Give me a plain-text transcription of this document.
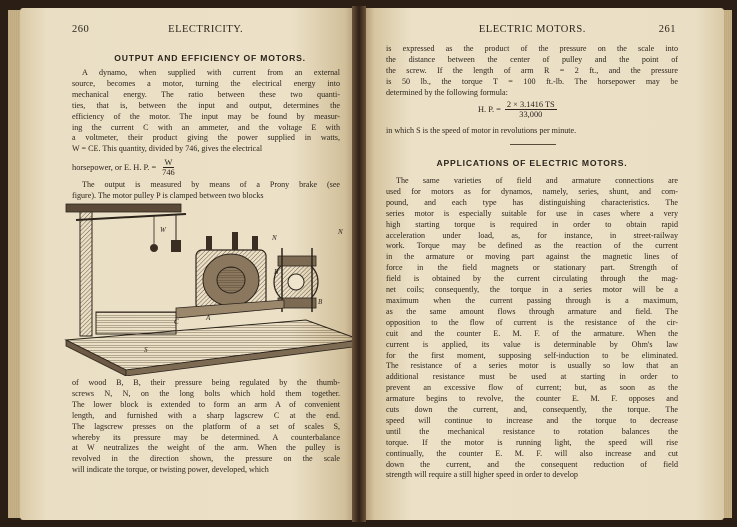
260	ELECTRICITY.
OUTPUT AND EFFICIENCY OF MOTORS.
A dynamo, when supplied with current from an external
source, becomes a motor, turning the electrical energy into
mechanical energy. The ratio between these two quanti-
ties, that is, between the input and output, determines the
efficiency of the motor. The input may be found by measur-
ing the current C with an ammeter, and the voltage E with
a voltmeter, their product giving the power supplied in watts,
W = CE. This quantity, divided by 746, gives the electrical
horsepower, or E. H. P. = $\frac{W}{746}$
The output is measured by means of a Prony brake (see
figure). The motor pulley P is clamped between two blocks
B
N
N
A
B
C
S
W
of wood B, B, their pressure being regulated by the thumb-
screws N, N, on the long bolts which hold them together.
The lower block is extended to form an arm A of convenient
length, and furnished with a sharp lagscrew C at the end.
The lagscrew presses on the platform of a set of scales S,
whereby its pressure may be determined. A counterbalance
at W neutralizes the weight of the arm. When the pulley is
revolved in the direction shown, the pressure on the scale
will indicate the torque, or twisting power, developed, which
ELECTRIC MOTORS.	261
is expressed as the product of the pressure on the scale into
the distance between the center of pulley and the point of
the screw. If the length of arm R = 2 ft., and the pressure
is 50 lb., the torque T = 100 ft.-lb. The horsepower may be
determined by the following formula:
H. P. = $\frac{2 \times 3.1416 TS}{33,000}$
in which S is the speed of motor in revolutions per minute.
APPLICATIONS OF ELECTRIC MOTORS.
The same varieties of field and armature connections are
used for motors as for dynamos, namely, series, shunt, and com-
pound, and each type has distinguishing characteristics. The
series motor is especially suitable for use in cases where a very
high starting torque is required in order to obtain rapid
acceleration under load, as, for instance, in street-railway
work. Torque may be defined as the reaction of the current
in the armature or moving part against the magnetic lines of
force in the field magnets or stationary part. Strength of
field is obtained by the current circulating through the mag-
net coils; consequently, the torque in a series motor will be a
maximum when the current passing through is a maximum,
as the same amount flows through armature and field. The
opposition to the flow of current is the resistance of the cir-
cuit and the counter E. M. F. of the armature. When the
current is applied, its value is determinable by Ohm's law
for the first moment, supposing self-induction to be eliminated.
The resistance of a series motor is usually so low that an
additional resistance must be used at starting in order to
prevent an excessive flow of current; but, as soon as the
armature begins to revolve, the counter E. M. F. opposes and
cuts down the current, and, consequently, the torque. The
speed will continue to increase and the torque to decrease
until the mechanical resistance to rotation balances the
torque. If the motor is running light, the speed will rise
continually, the counter E. M. F. will also increase and cut
down the current, and the consequent reduction of field
strength will require a still higher speed in order to develop
